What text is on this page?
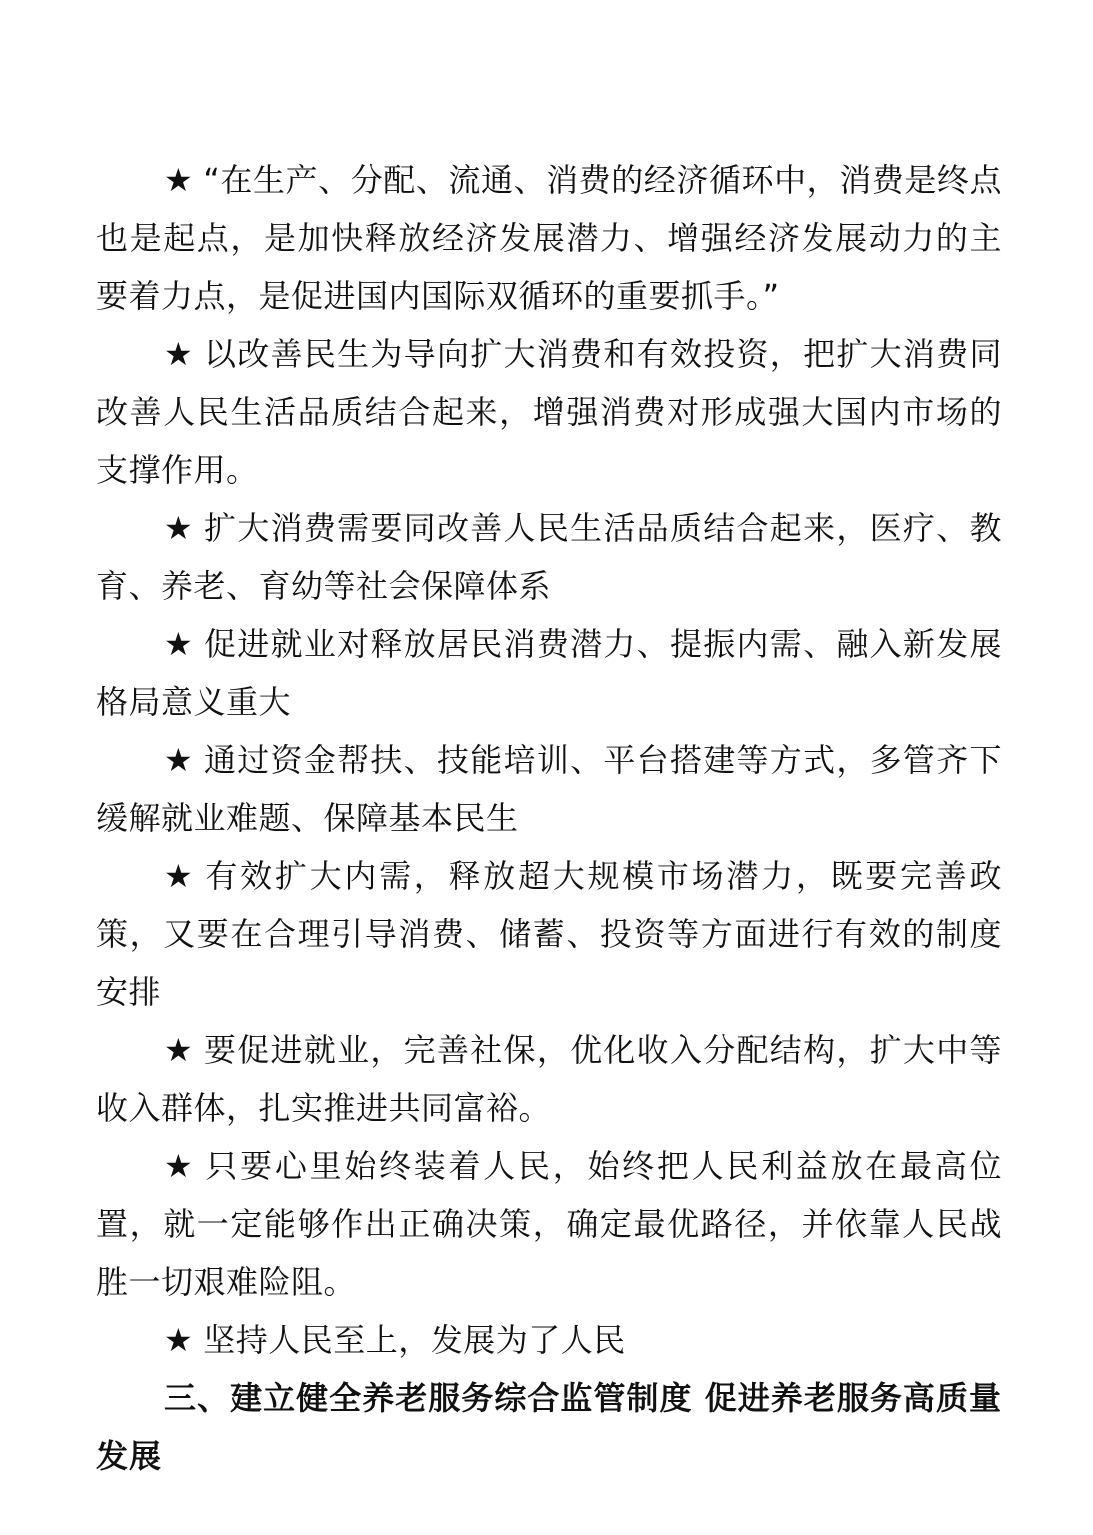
★ “在生产、分配、流通、消费的经济循环中，消费是终点也是起点，是加快释放经济发展潜力、增强经济发展动力的主要着力点，是促进国内国际双循环的重要抓手。”

★ 以改善民生为导向扩大消费和有效投资，把扩大消费同改善人民生活品质结合起来，增强消费对形成强大国内市场的支撑作用。

★ 扩大消费需要同改善人民生活品质结合起来，医疗、教育、养老、育幼等社会保障体系

★ 促进就业对释放居民消费潜力、提振内需、融入新发展格局意义重大

★ 通过资金帮扶、技能培训、平台搭建等方式，多管齐下缓解就业难题、保障基本民生

★ 有效扩大内需，释放超大规模市场潜力，既要完善政策，又要在合理引导消费、储蓄、投资等方面进行有效的制度安排

★ 要促进就业，完善社保，优化收入分配结构，扩大中等收入群体，扎实推进共同富裕。

★ 只要心里始终装着人民，始终把人民利益放在最高位置，就一定能够作出正确决策，确定最优路径，并依靠人民战胜一切艰难险阻。

★ 坚持人民至上，发展为了人民

三、建立健全养老服务综合监管制度 促进养老服务高质量发展
